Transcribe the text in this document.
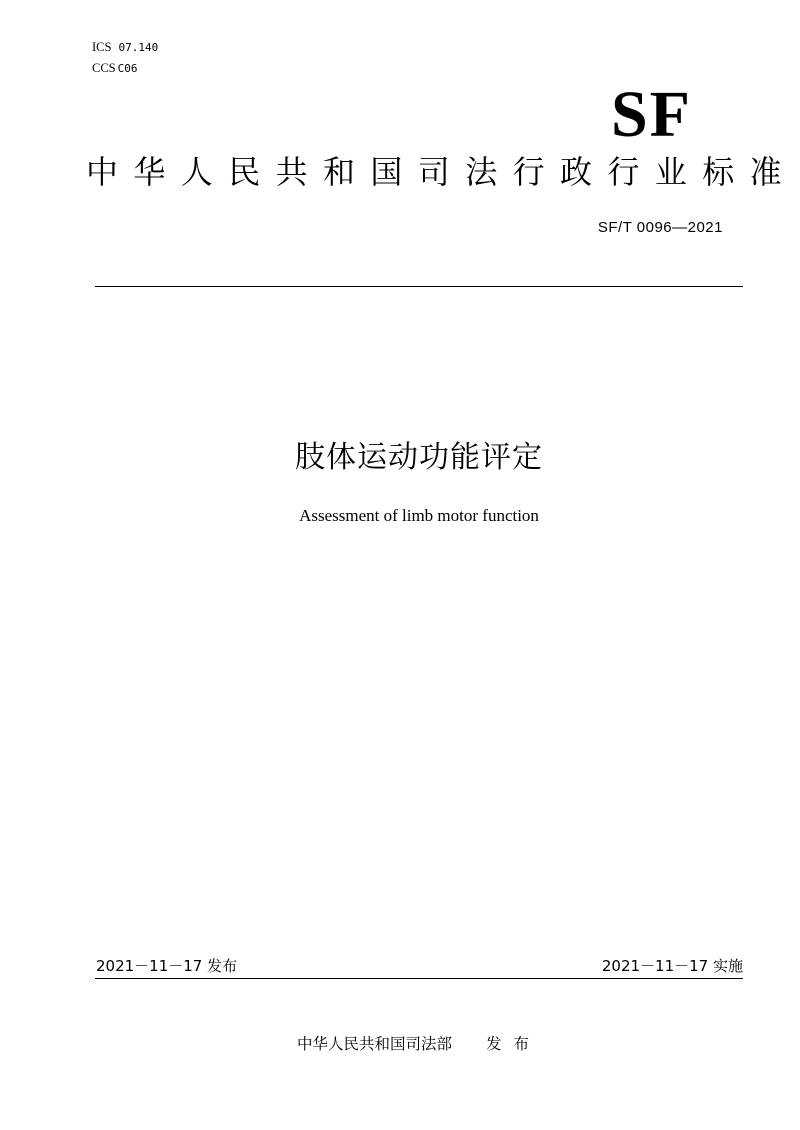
ICS 07.140
CCS C06
SF
中华人民共和国司法行政行业标准
SF/T 0096—2021
肢体运动功能评定
Assessment of limb motor function
2021－11－17 发布	2021－11－17 实施
中华人民共和国司法部 发布
